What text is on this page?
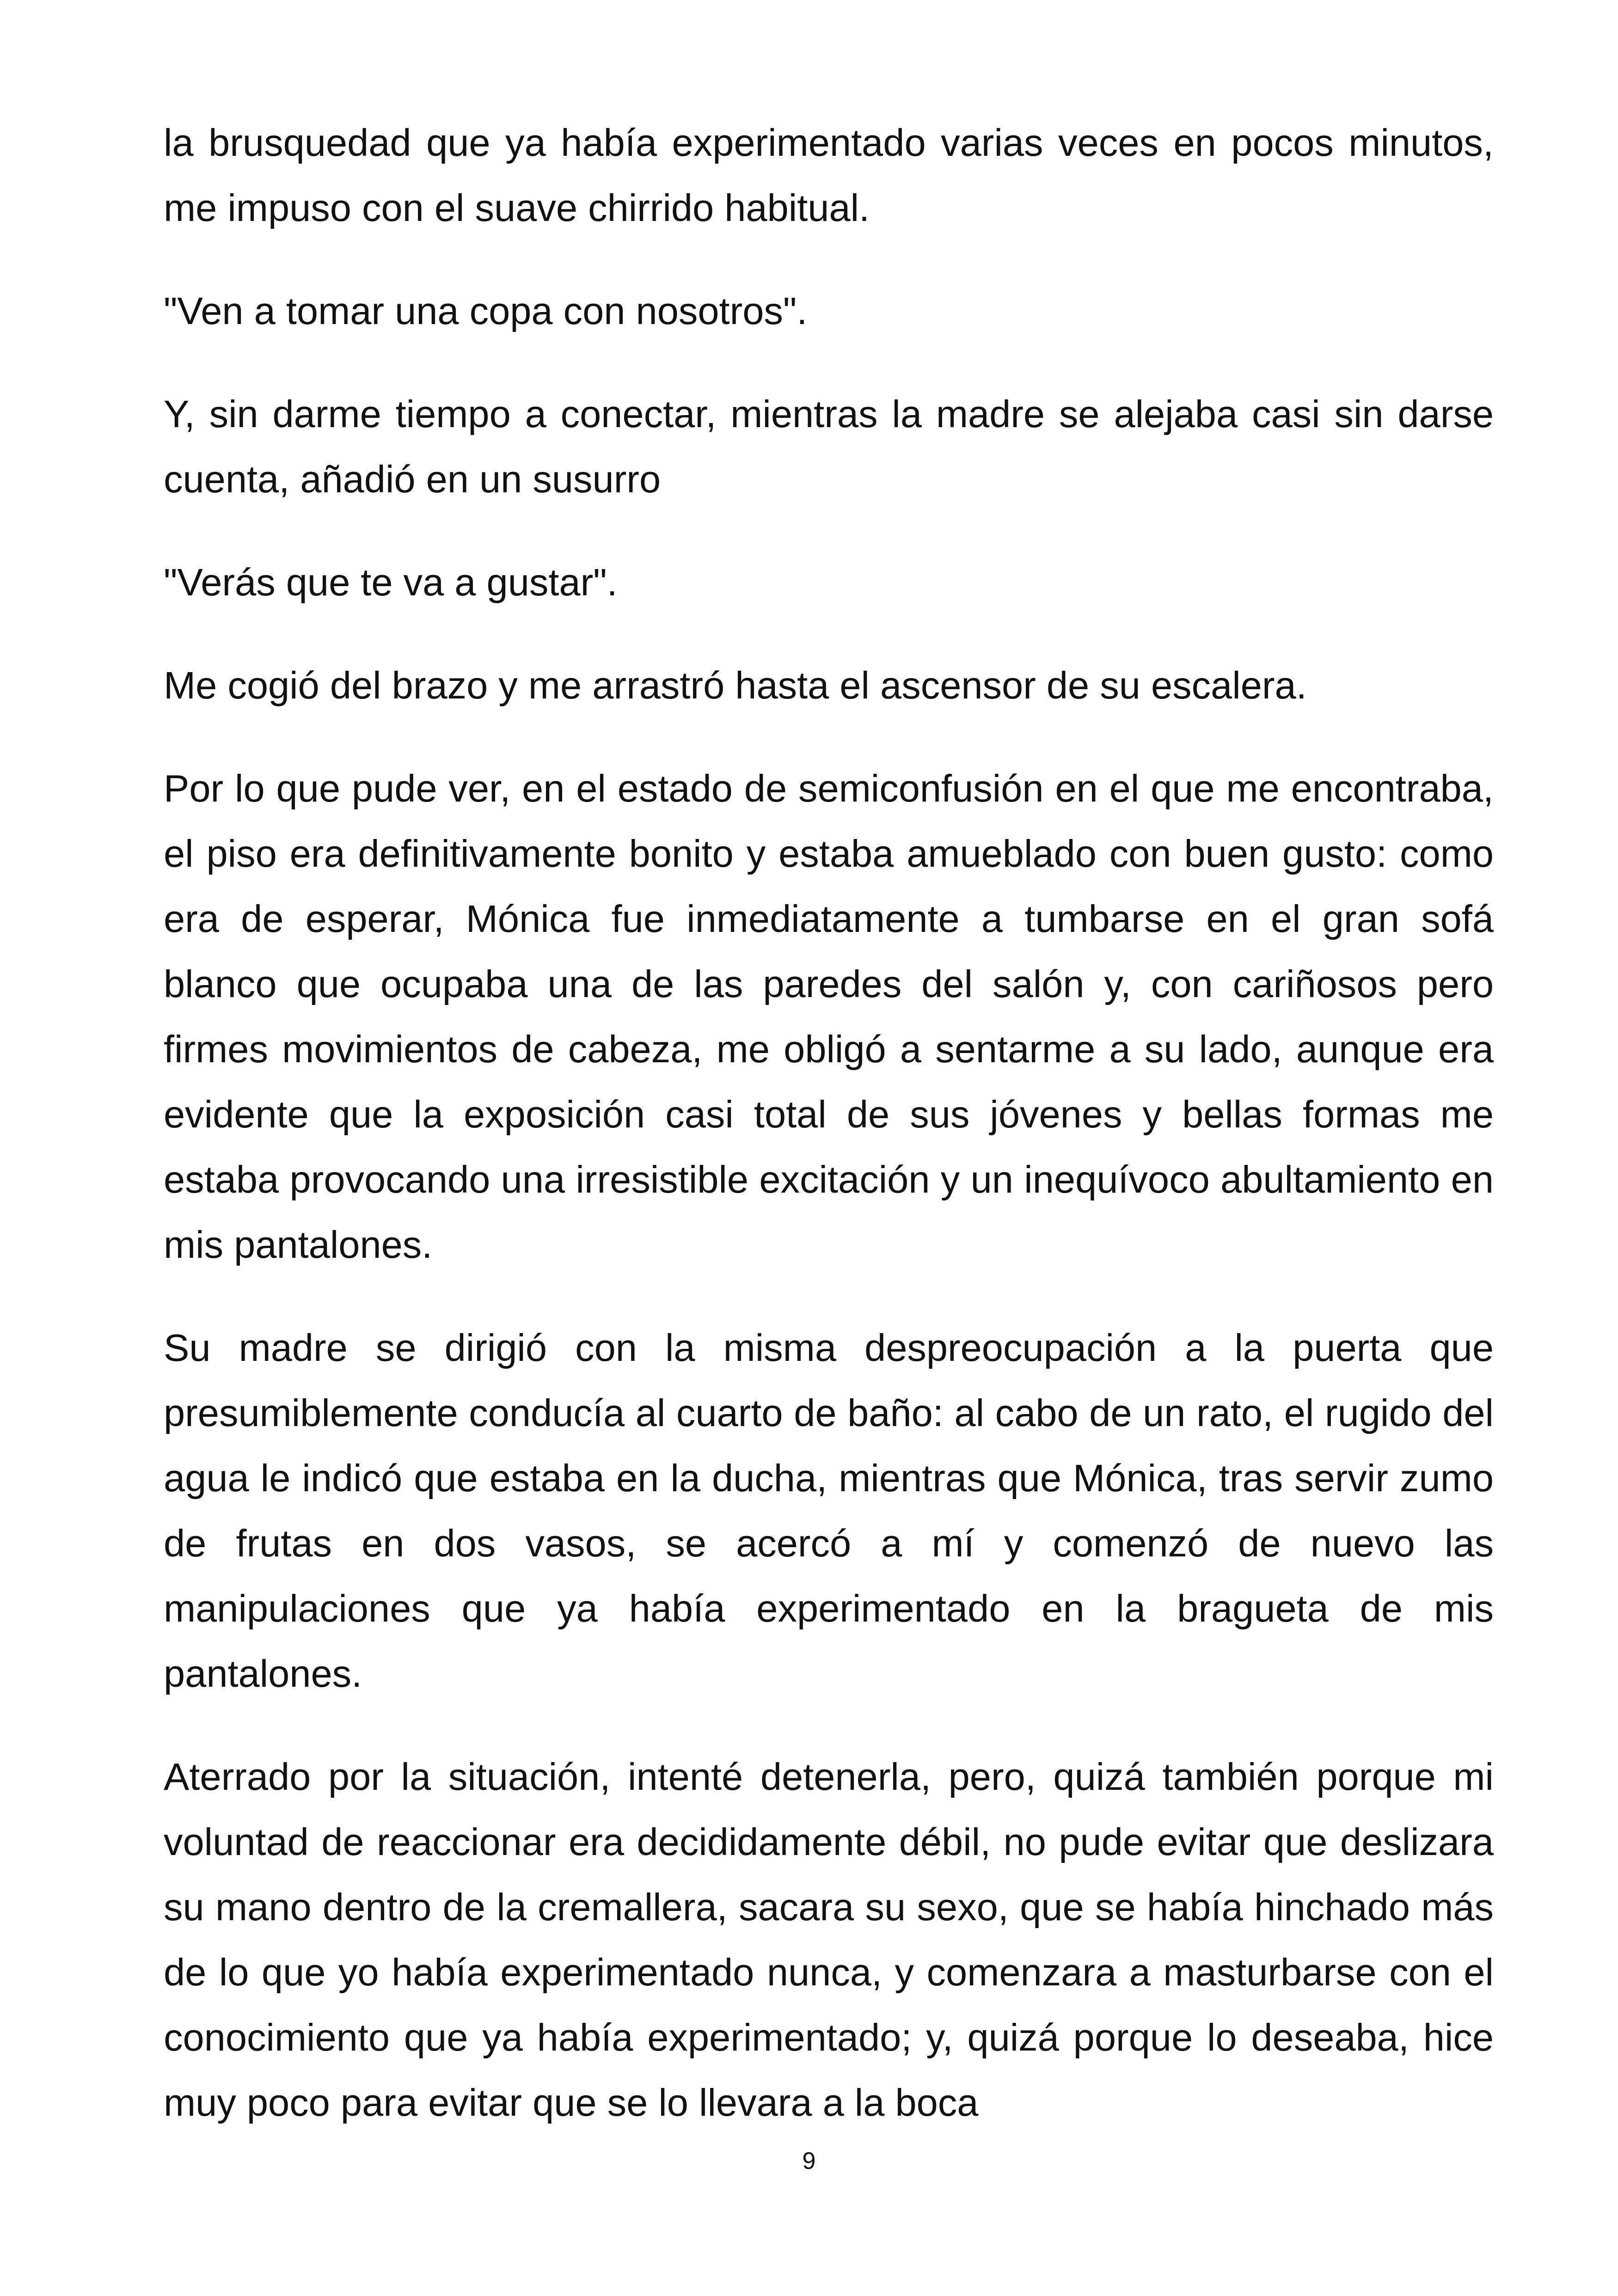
la brusquedad que ya había experimentado varias veces en pocos minutos, me impuso con el suave chirrido habitual.

"Ven a tomar una copa con nosotros".

Y, sin darme tiempo a conectar, mientras la madre se alejaba casi sin darse cuenta, añadió en un susurro

"Verás que te va a gustar".

Me cogió del brazo y me arrastró hasta el ascensor de su escalera.

Por lo que pude ver, en el estado de semiconfusión en el que me encontraba, el piso era definitivamente bonito y estaba amueblado con buen gusto: como era de esperar, Mónica fue inmediatamente a tumbarse en el gran sofá blanco que ocupaba una de las paredes del salón y, con cariñosos pero firmes movimientos de cabeza, me obligó a sentarme a su lado, aunque era evidente que la exposición casi total de sus jóvenes y bellas formas me estaba provocando una irresistible excitación y un inequívoco abultamiento en mis pantalones.

Su madre se dirigió con la misma despreocupación a la puerta que presumiblemente conducía al cuarto de baño: al cabo de un rato, el rugido del agua le indicó que estaba en la ducha, mientras que Mónica, tras servir zumo de frutas en dos vasos, se acercó a mí y comenzó de nuevo las manipulaciones que ya había experimentado en la bragueta de mis pantalones.

Aterrado por la situación, intenté detenerla, pero, quizá también porque mi voluntad de reaccionar era decididamente débil, no pude evitar que deslizara su mano dentro de la cremallera, sacara su sexo, que se había hinchado más de lo que yo había experimentado nunca, y comenzara a masturbarse con el conocimiento que ya había experimentado; y, quizá porque lo deseaba, hice muy poco para evitar que se lo llevara a la boca

9
